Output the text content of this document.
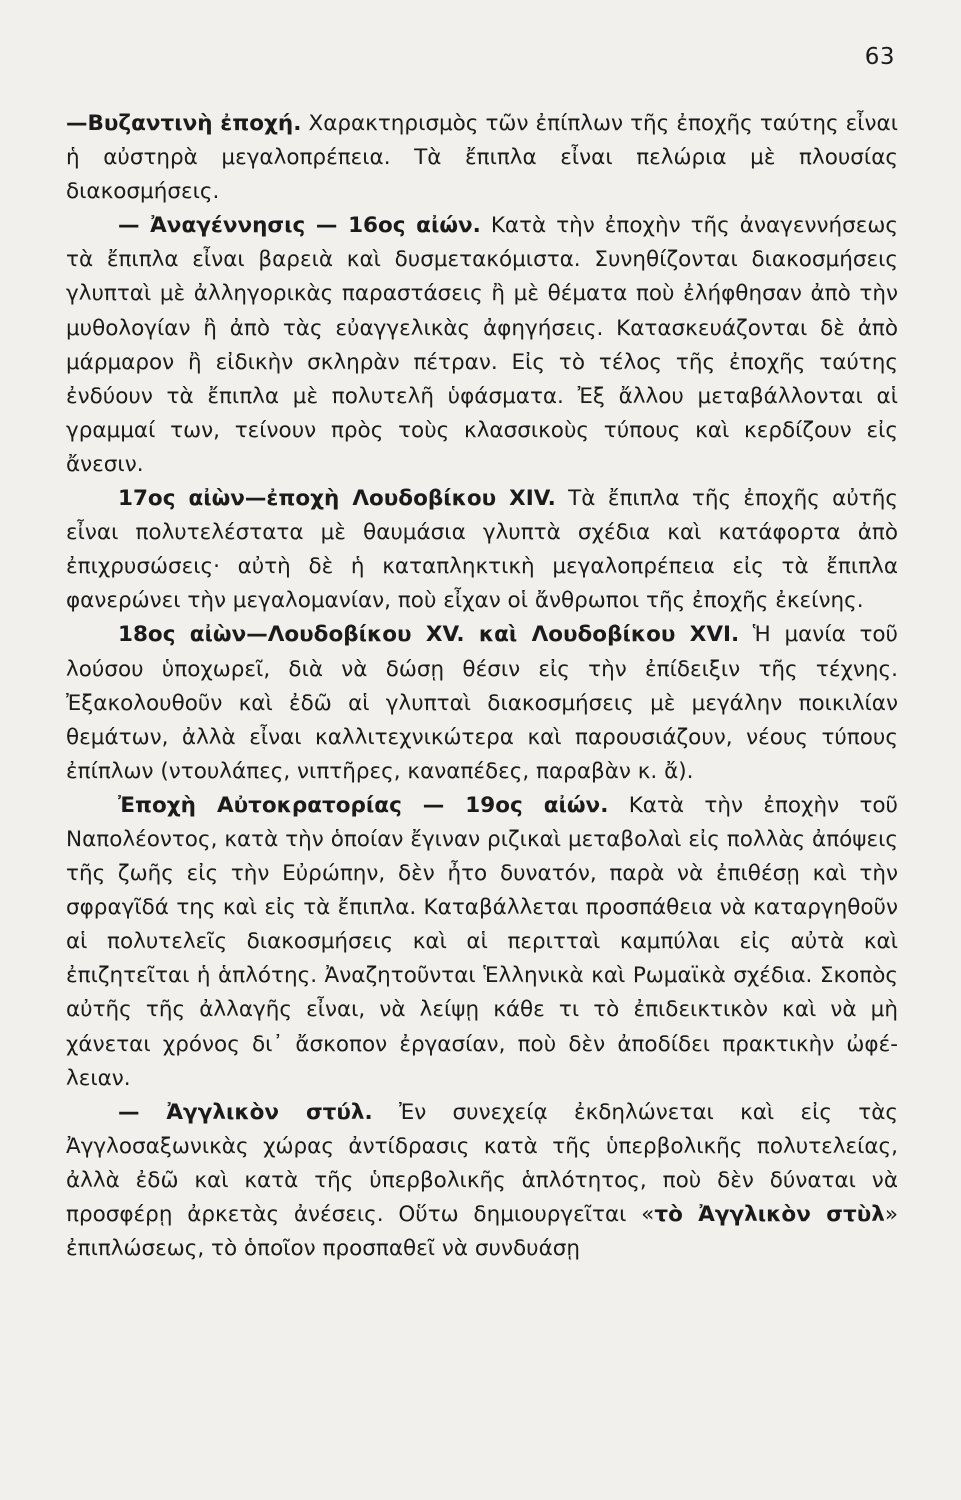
63

—Βυζαντινὴ ἐποχή. Χαρακτηρισμὸς τῶν ἐπίπλων τῆς ἐποχῆς ταύτης εἶναι ἡ αὐστηρὰ μεγαλοπρέπεια. Τὰ ἔπιπλα εἶναι πελώρια μὲ πλουσίας διακοσμήσεις.

— Ἀναγέννησις — 16ος αἰών. Κατὰ τὴν ἐποχὴν τῆς ἀναγεννήσεως τὰ ἔπιπλα εἶναι βαρειὰ καὶ δυσμετακόμιστα. Συνηθίζονται διακοσμήσεις γλυπταὶ μὲ ἀλληγορικὰς παραστάσεις ἢ μὲ θέματα ποὺ ἐλήφθησαν ἀπὸ τὴν μυθολογίαν ἢ ἀπὸ τὰς εὐαγγελικὰς ἀφηγήσεις. Κατασκευάζονται δὲ ἀπὸ μάρμαρον ἢ εἰδικὴν σκληρὰν πέτραν. Εἰς τὸ τέλος τῆς ἐποχῆς ταύτης ἐνδύουν τὰ ἔπιπλα μὲ πολυτελῆ ὑφάσματα. Ἐξ ἄλλου μεταβάλλονται αἱ γραμμαί των, τείνουν πρὸς τοὺς κλασσικοὺς τύπους καὶ κερδίζουν εἰς ἄνεσιν.

17ος αἰὼν—ἐποχὴ Λουδοβίκου XIV. Τὰ ἔπιπλα τῆς ἐποχῆς αὐτῆς εἶναι πολυτελέστατα μὲ θαυμάσια γλυπτὰ σχέδια καὶ κατάφορτα ἀπὸ ἐπιχρυσώσεις· αὐτὴ δὲ ἡ καταπληκτικὴ μεγαλοπρέπεια εἰς τὰ ἔπιπλα φανερώνει τὴν μεγαλομανίαν, ποὺ εἶχαν οἱ ἄνθρωποι τῆς ἐποχῆς ἐκείνης.

18ος αἰὼν—Λουδοβίκου XV. καὶ Λουδοβίκου XVI. Ἡ μανία τοῦ λούσου ὑποχωρεῖ, διὰ νὰ δώσῃ θέσιν εἰς τὴν ἐπίδειξιν τῆς τέχνης. Ἐξακολουθοῦν καὶ ἐδῶ αἱ γλυπταὶ διακοσμήσεις μὲ μεγάλην ποικιλίαν θεμάτων, ἀλλὰ εἶναι καλλιτεχνικώτερα καὶ παρουσιάζουν, νέους τύπους ἐπίπλων (ντουλάπες, νιπτῆρες, καναπέδες, παραβὰν κ. ἄ).

Ἐποχὴ Αὐτοκρατορίας — 19ος αἰών. Κατὰ τὴν ἐποχὴν τοῦ Ναπολέοντος, κατὰ τὴν ὁποίαν ἔγιναν ριζικαὶ μεταβολαὶ εἰς πολλὰς ἀπόψεις τῆς ζωῆς εἰς τὴν Εὐρώπην, δὲν ἦτο δυνατόν, παρὰ νὰ ἐπιθέσῃ καὶ τὴν σφραγῖδά της καὶ εἰς τὰ ἔπιπλα. Καταβάλλεται προσπάθεια νὰ καταργηθοῦν αἱ πολυτελεῖς διακοσμήσεις καὶ αἱ περιτταὶ καμπύλαι εἰς αὐτὰ καὶ ἐπιζητεῖται ἡ ἁπλότης. Ἀναζητοῦνται Ἑλληνικὰ καὶ Ρωμαϊκὰ σχέδια. Σκοπὸς αὐτῆς τῆς ἀλλαγῆς εἶναι, νὰ λείψῃ κάθε τι τὸ ἐπιδεικτικὸν καὶ νὰ μὴ χάνεται χρόνος δι᾽ ἄσκοπον ἐργασίαν, ποὺ δὲν ἀποδίδει πρακτικὴν ὠφέλειαν.

— Ἀγγλικὸν στύλ. Ἐν συνεχείᾳ ἐκδηλώνεται καὶ εἰς τὰς Ἀγγλοσαξωνικὰς χώρας ἀντίδρασις κατὰ τῆς ὑπερβολικῆς πολυτελείας, ἀλλὰ ἐδῶ καὶ κατὰ τῆς ὑπερβολικῆς ἁπλότητος, ποὺ δὲν δύναται νὰ προσφέρῃ ἀρκετὰς ἀνέσεις. Οὕτω δημιουργεῖται «τὸ Ἀγγλικὸν στὺλ» ἐπιπλώσεως, τὸ ὁποῖον προσπαθεῖ νὰ συνδυάσῃ
